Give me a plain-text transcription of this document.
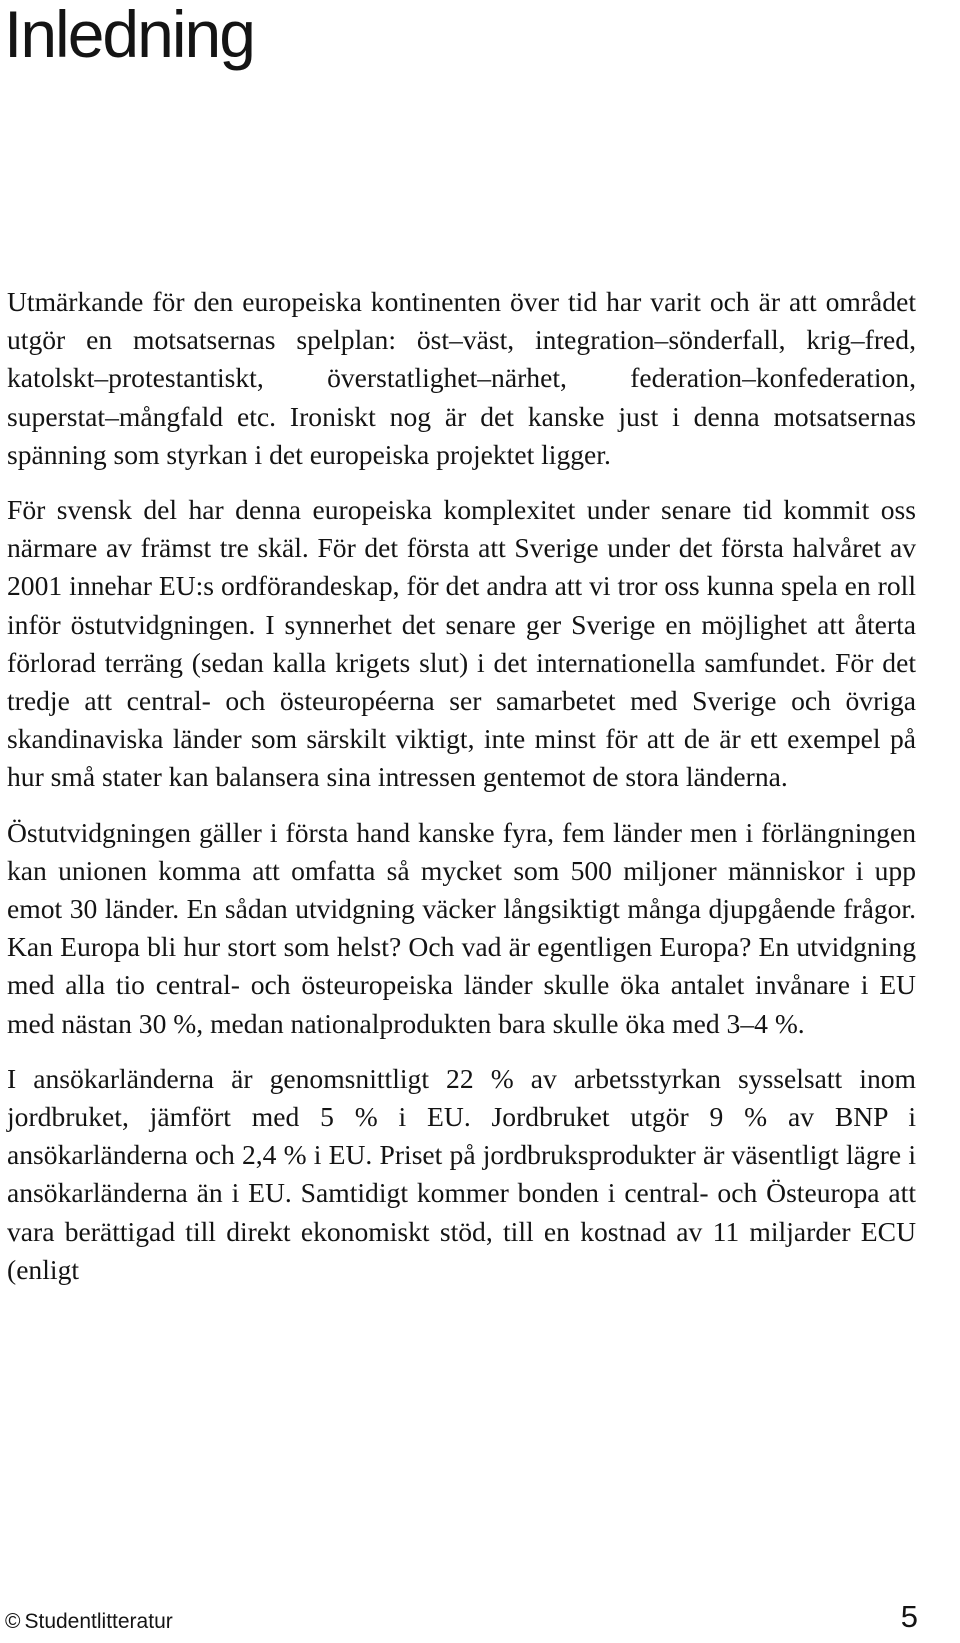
Inledning

Utmärkande för den europeiska kontinenten över tid har varit och är att området utgör en motsatsernas spelplan: öst–väst, integration–sönderfall, krig–fred, katolskt–protestantiskt, överstatlighet–närhet, federation–konfederation, superstat–mångfald etc. Ironiskt nog är det kanske just i denna motsatsernas spänning som styrkan i det europeiska projektet ligger.

För svensk del har denna europeiska komplexitet under senare tid kommit oss närmare av främst tre skäl. För det första att Sverige under det första halvåret av 2001 innehar EU:s ordförandeskap, för det andra att vi tror oss kunna spela en roll inför östutvidgningen. I synnerhet det senare ger Sverige en möjlighet att återta förlorad terräng (sedan kalla krigets slut) i det internationella samfundet. För det tredje att central- och östeuropéerna ser samarbetet med Sverige och övriga skandinaviska länder som särskilt viktigt, inte minst för att de är ett exempel på hur små stater kan balansera sina intressen gentemot de stora länderna.

Östutvidgningen gäller i första hand kanske fyra, fem länder men i förlängningen kan unionen komma att omfatta så mycket som 500 miljoner människor i upp emot 30 länder. En sådan utvidgning väcker långsiktigt många djupgående frågor. Kan Europa bli hur stort som helst? Och vad är egentligen Europa? En utvidgning med alla tio central- och östeuropeiska länder skulle öka antalet invånare i EU med nästan 30 %, medan nationalprodukten bara skulle öka med 3–4 %.

I ansökarländerna är genomsnittligt 22 % av arbetsstyrkan sysselsatt inom jordbruket, jämfört med 5 % i EU. Jordbruket utgör 9 % av BNP i ansökarländerna och 2,4 % i EU. Priset på jordbruksprodukter är väsentligt lägre i ansökarländerna än i EU. Samtidigt kommer bonden i central- och Östeuropa att vara berättigad till direkt ekonomiskt stöd, till en kostnad av 11 miljarder ECU (enligt

© Studentlitteratur	5
